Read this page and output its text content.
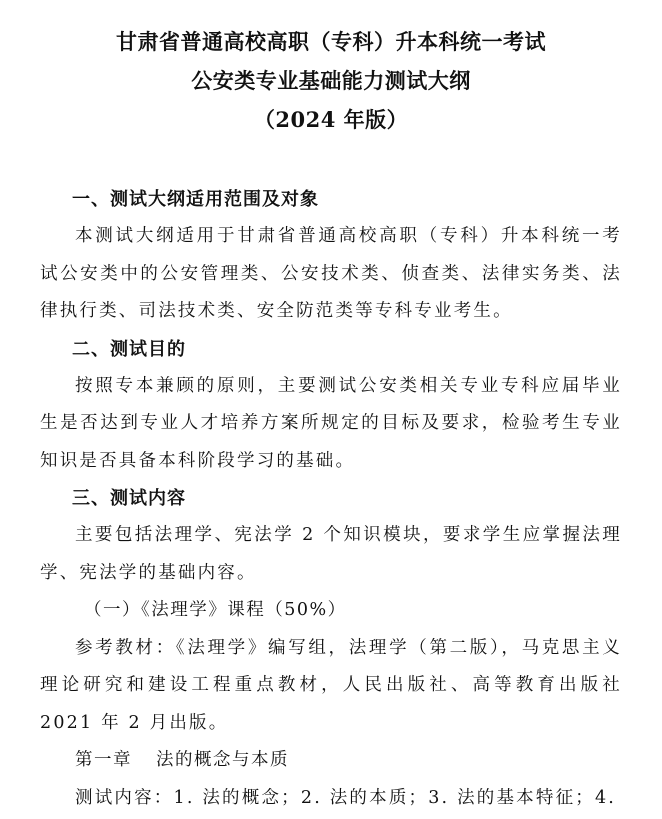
甘肃省普通高校高职（专科）升本科统一考试

公安类专业基础能力测试大纲

（2024 年版）

一、测试大纲适用范围及对象

本测试大纲适用于甘肃省普通高校高职（专科）升本科统一考试公安类中的公安管理类、公安技术类、侦查类、法律实务类、法律执行类、司法技术类、安全防范类等专科专业考生。

二、测试目的

按照专本兼顾的原则，主要测试公安类相关专业专科应届毕业生是否达到专业人才培养方案所规定的目标及要求，检验考生专业知识是否具备本科阶段学习的基础。

三、测试内容

主要包括法理学、宪法学 2 个知识模块，要求学生应掌握法理学、宪法学的基础内容。

（一）《法理学》课程（50%）

参考教材：《法理学》编写组，法理学（第二版），马克思主义理论研究和建设工程重点教材，人民出版社、高等教育出版社 2021 年 2 月出版。

第一章 法的概念与本质

测试内容：1. 法的概念；2. 法的本质；3. 法的基本特征；4.
